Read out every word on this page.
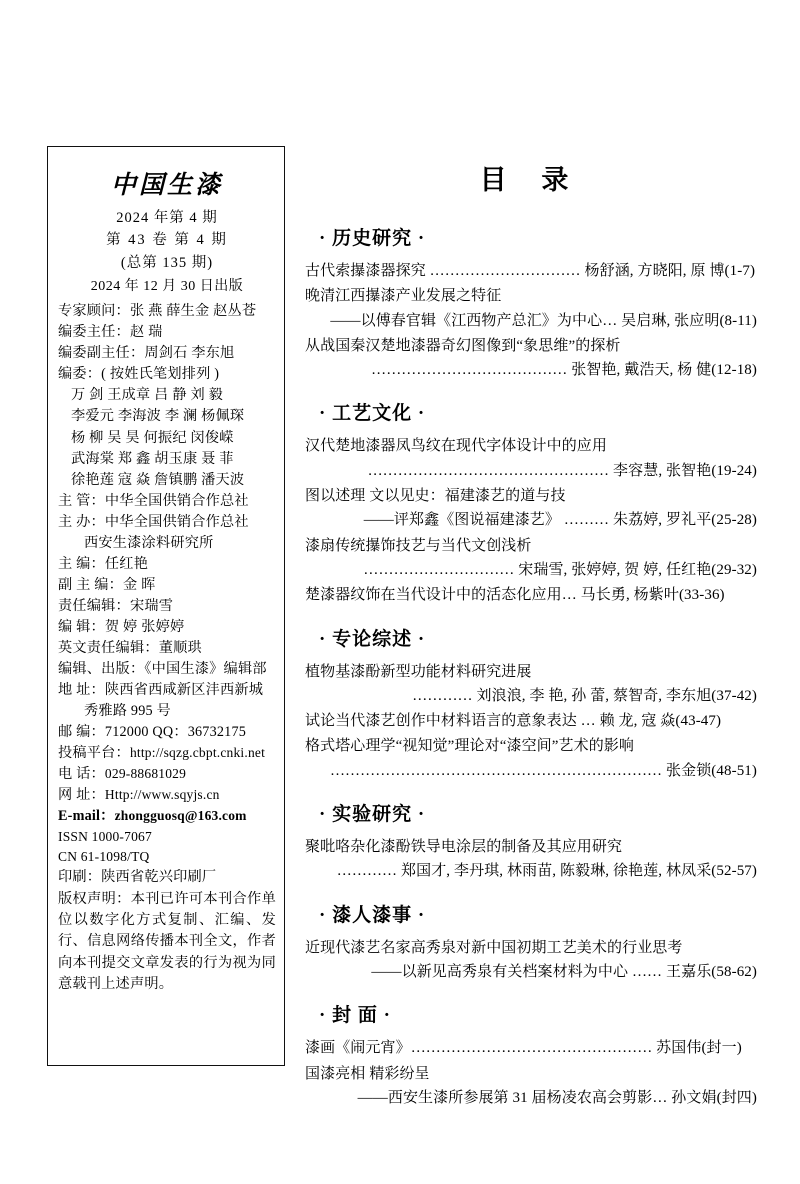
中国生漆
2024 年第 4 期
第 43 卷 第 4 期
(总第 135 期)
2024 年 12 月 30 日出版
专家顾问：张 燕 薛生金 赵丛苍
编委主任：赵 瑞
编委副主任：周剑石 李东旭
编委：( 按姓氏笔划排列 )
万 剑 王成章 吕 静 刘 毅
李爱元 李海波 李 澜 杨佩琛
杨 柳 吴 昊 何振纪 闵俊嵘
武海棠 郑 鑫 胡玉康 聂 菲
徐艳莲 寇 焱 詹镇鹏 潘天波
主 管：中华全国供销合作总社
主 办：中华全国供销合作总社
西安生漆涂料研究所
主 编：任红艳
副 主 编：金 晖
责任编辑：宋瑞雪
编 辑：贺 婷 张婷婷
英文责任编辑：董顺珙
编辑、出版：《中国生漆》编辑部
地 址：陕西省西咸新区沣西新城
秀雅路 995 号
邮 编：712000 QQ：36732175
投稿平台：http://sqzg.cbpt.cnki.net
电 话：029-88681029
网 址：Http://www.sqyjs.cn
E-mail：zhongguosq@163.com
ISSN 1000-7067
CN 61-1098/TQ
印刷：陕西省乾兴印刷厂
版权声明：本刊已许可本刊合作单位以数字化方式复制、汇编、发行、信息网络传播本刊全文，作者向本刊提交文章发表的行为视为同意载刊上述声明。
目 录
· 历史研究 ·
古代索㩧漆器探究 ………………………… 杨舒涵, 方晓阳, 原 博(1-7)
晚清江西㩧漆产业发展之特征
——以傅春官辑《江西物产总汇》为中心… 吴启琳, 张应明(8-11)
从战国秦汉楚地漆器奇幻图像到“象思维”的探析
………………………………… 张智艳, 戴浩天, 杨 健(12-18)
· 工艺文化 ·
汉代楚地漆器凤鸟纹在现代字体设计中的应用
………………………………………… 李容慧, 张智艳(19-24)
图以述理 文以见史：福建漆艺的道与技
——评郑鑫《图说福建漆艺》 ……… 朱荔婷, 罗礼平(25-28)
漆扇传统㩧饰技艺与当代文创浅析
………………………… 宋瑞雪, 张婷婷, 贺 婷, 任红艳(29-32)
楚漆器纹饰在当代设计中的活态化应用… 马长勇, 杨紫叶(33-36)
· 专论综述 ·
植物基漆酚新型功能材料研究进展
………… 刘浪浪, 李 艳, 孙 蕾, 蔡智奇, 李东旭(37-42)
试论当代漆艺创作中材料语言的意象表达 … 赖 龙, 寇 焱(43-47)
格式塔心理学“视知觉”理论对“漆空间”艺术的影响
………………………………………………………… 张金锁(48-51)
· 实验研究 ·
聚吡咯杂化漆酚铁导电涂层的制备及其应用研究
………… 郑国才, 李丹琪, 林雨苗, 陈毅琳, 徐艳莲, 林凤采(52-57)
· 漆人漆事 ·
近现代漆艺名家高秀泉对新中国初期工艺美术的行业思考
——以新见高秀泉有关档案材料为中心 …… 王嘉乐(58-62)
· 封 面 ·
漆画《闹元宵》………………………………………… 苏国伟(封一)
国漆亮相 精彩纷呈
——西安生漆所参展第 31 届杨凌农高会剪影… 孙文娟(封四)
